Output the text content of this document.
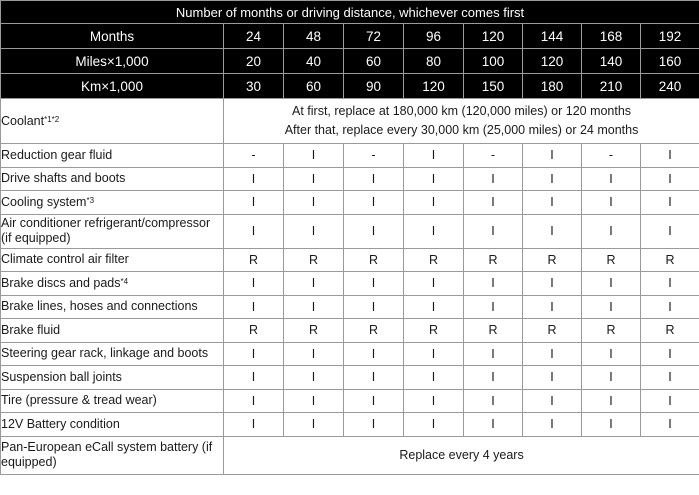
Number of months or driving distance, whichever comes first								
Months	24	48	72	96	120	144	168	192
Miles×1,000	20	40	60	80	100	120	140	160
Km×1,000	30	60	90	120	150	180	210	240
Coolant$^{*1*2}$	At first, replace at 180,000 km (120,000 miles) or 120 months
After that, replace every 30,000 km (25,000 miles) or 24 months							

Reduction gear fluid	-	I	-	I	-	I	-	I
Drive shafts and boots	I	I	I	I	I	I	I	I
Cooling system$^{*3}$	I	I	I	I	I	I	I	I
Air conditioner refrigerant/compressor (if equipped)	I	I	I	I	I	I	I	I
Climate control air filter	R	R	R	R	R	R	R	R
Brake discs and pads$^{*4}$	I	I	I	I	I	I	I	I
Brake lines, hoses and connections	I	I	I	I	I	I	I	I
Brake fluid	R	R	R	R	R	R	R	R
Steering gear rack, linkage and boots	I	I	I	I	I	I	I	I
Suspension ball joints	I	I	I	I	I	I	I	I
Tire (pressure & tread wear)	I	I	I	I	I	I	I	I
12V Battery condition	I	I	I	I	I	I	I	I
Pan-European eCall system battery (if equipped)	Replace every 4 years							
